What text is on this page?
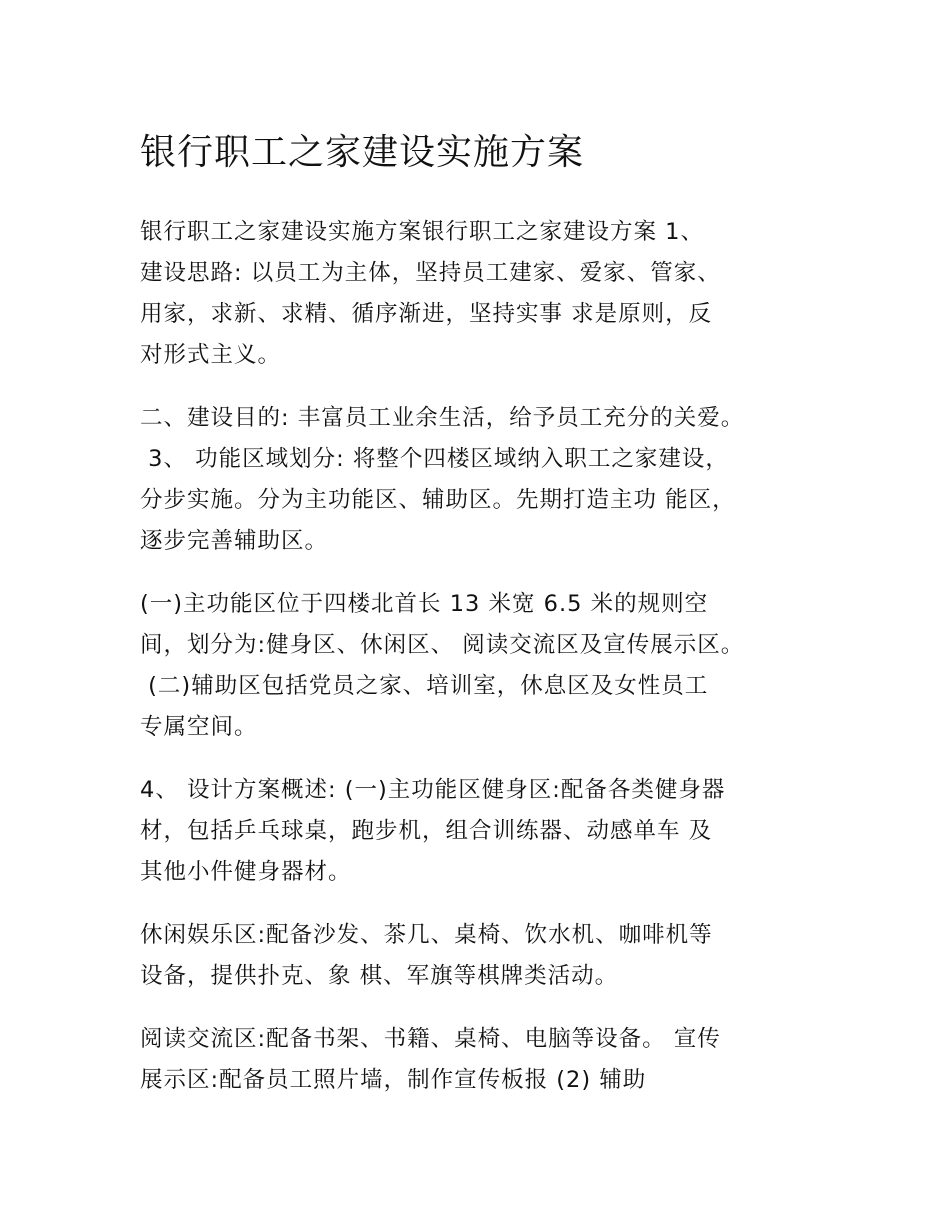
银行职工之家建设实施方案

银行职工之家建设实施方案银行职工之家建设方案 1、
建设思路: 以员工为主体，坚持员工建家、爱家、管家、
用家，求新、求精、循序渐进，坚持实事 求是原则，反
对形式主义。

二、建设目的: 丰富员工业余生活，给予员工充分的关爱。
3、 功能区域划分: 将整个四楼区域纳入职工之家建设，
分步实施。分为主功能区、辅助区。先期打造主功 能区，
逐步完善辅助区。

(一)主功能区位于四楼北首长 13 米宽 6.5 米的规则空
间，划分为:健身区、休闲区、 阅读交流区及宣传展示区。
(二)辅助区包括党员之家、培训室，休息区及女性员工
专属空间。

4、 设计方案概述: (一)主功能区健身区:配备各类健身器
材，包括乒乓球桌，跑步机，组合训练器、动感单车 及
其他小件健身器材。

休闲娱乐区:配备沙发、茶几、桌椅、饮水机、咖啡机等
设备，提供扑克、象 棋、军旗等棋牌类活动。

阅读交流区:配备书架、书籍、桌椅、电脑等设备。 宣传
展示区:配备员工照片墙，制作宣传板报 (2) 辅助
